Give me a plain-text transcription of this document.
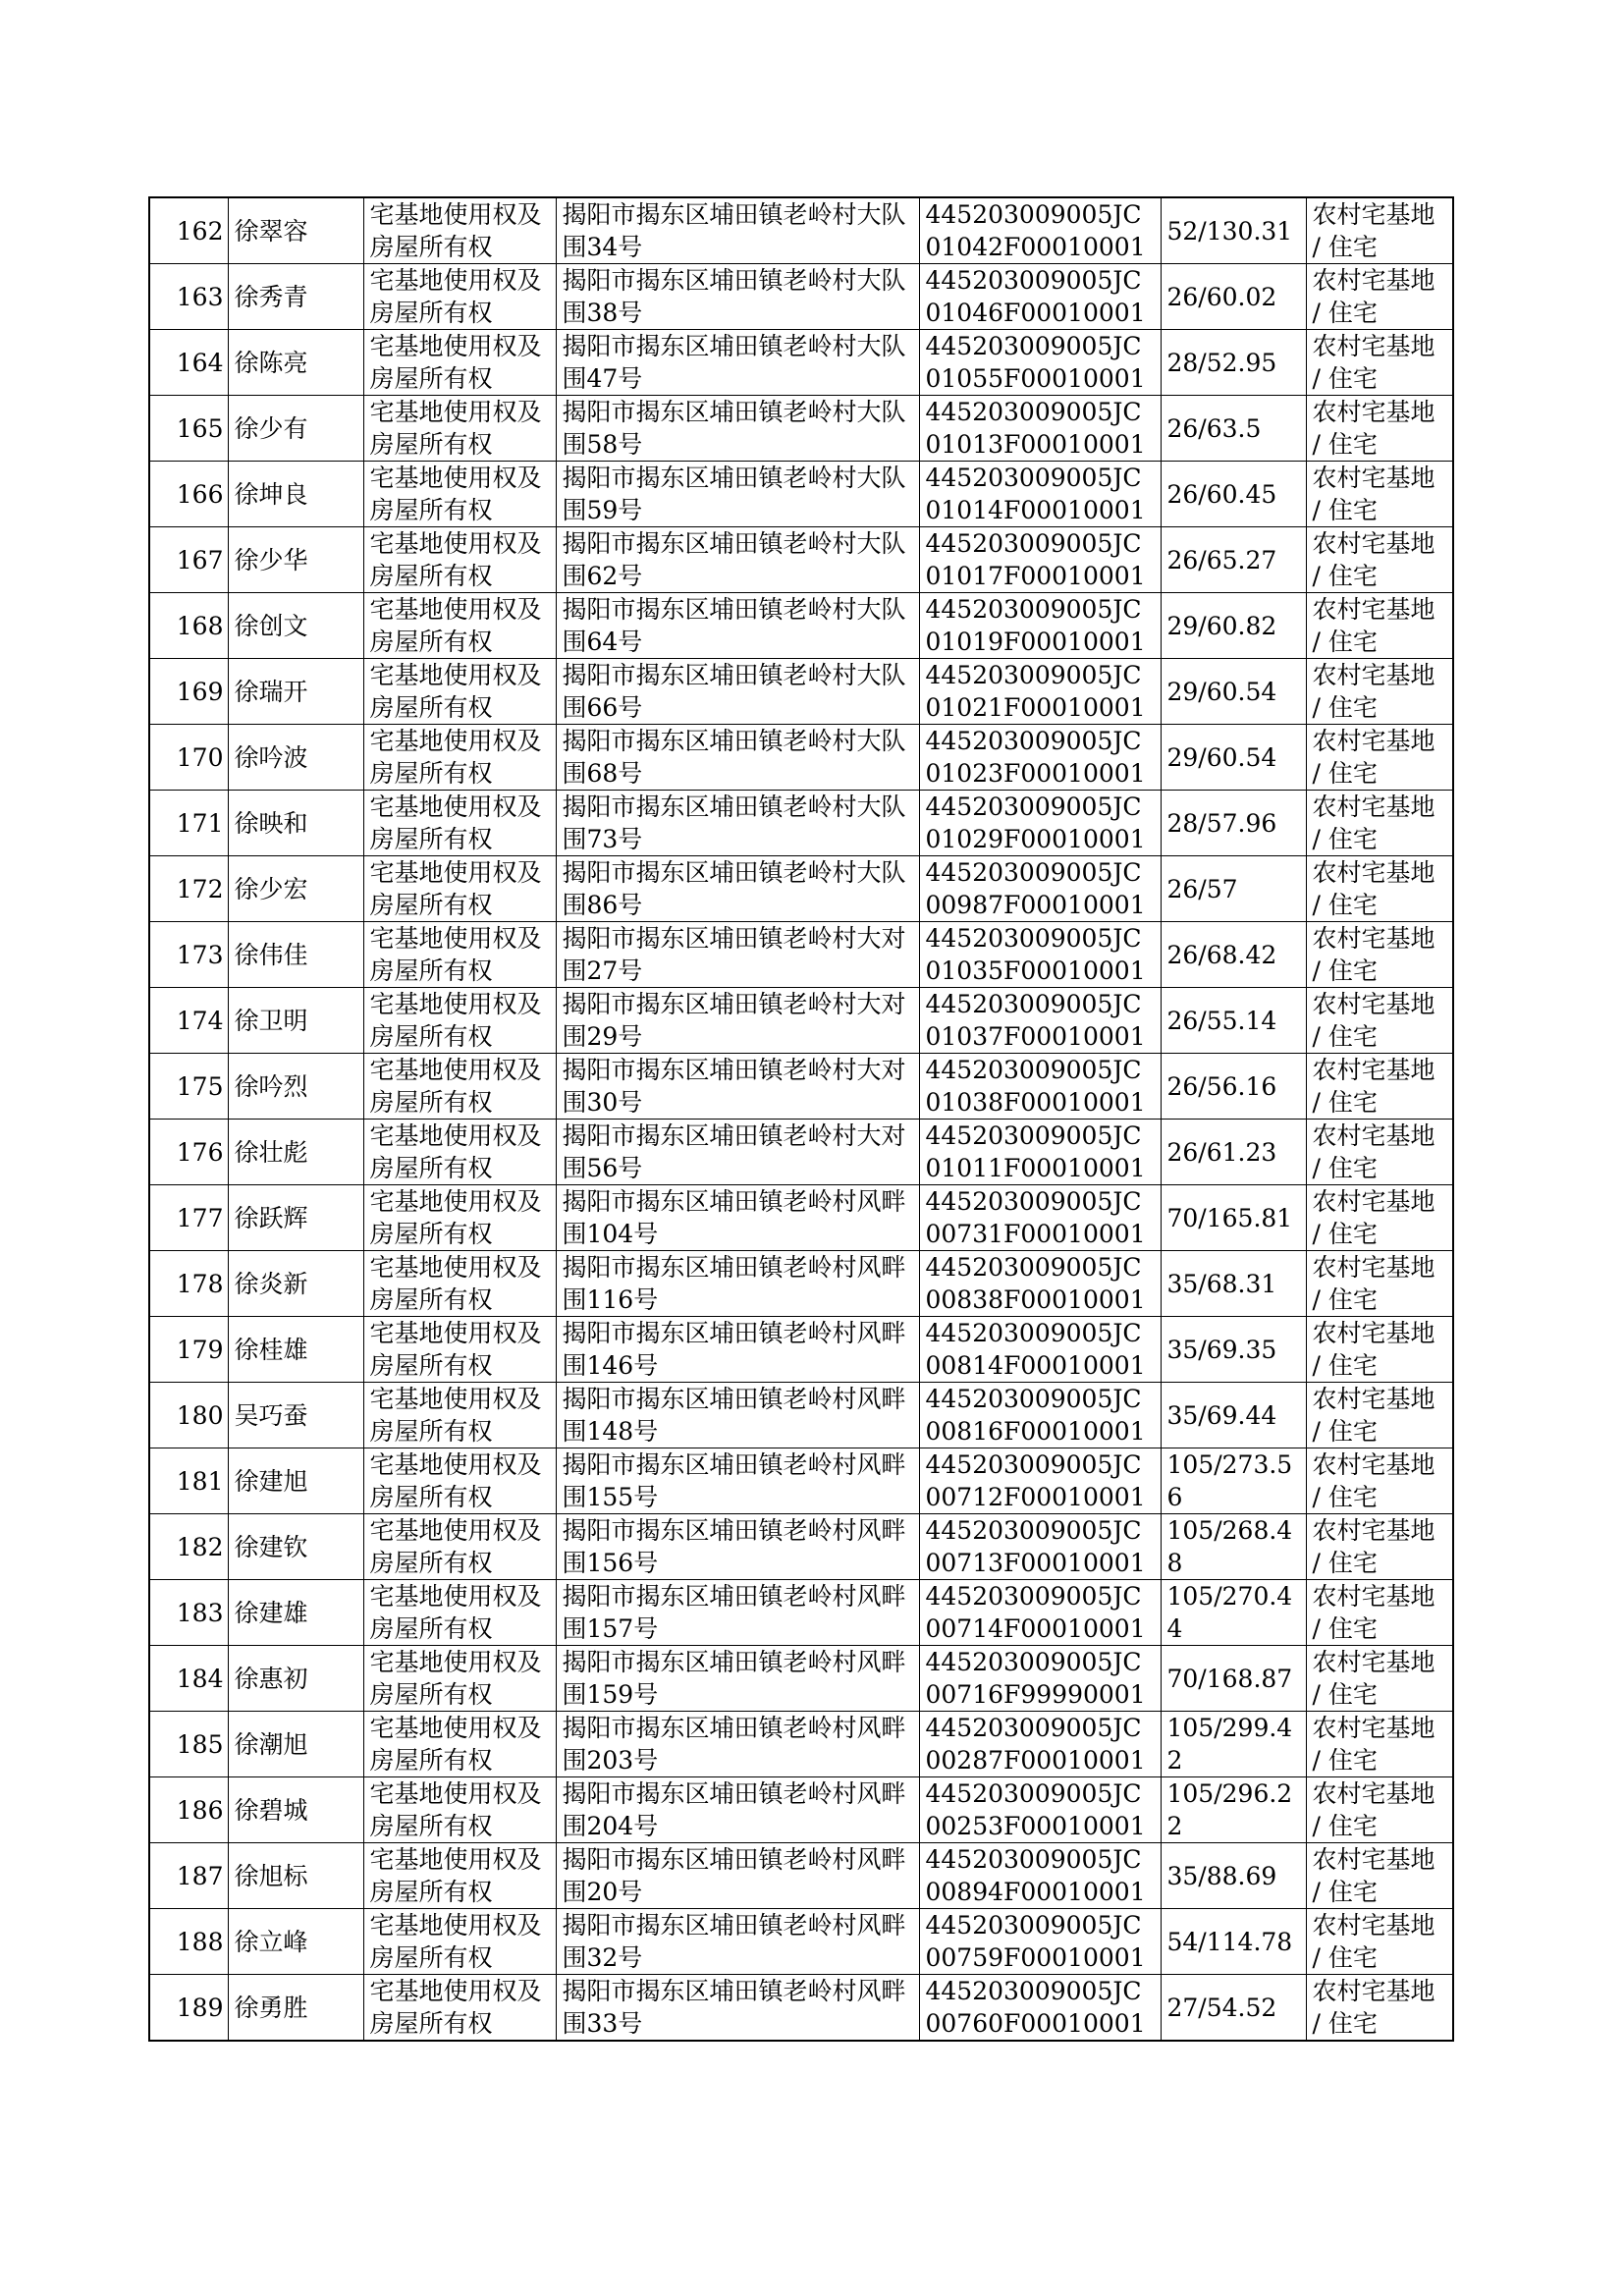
162	徐翠容	宅基地使用权及房屋所有权	揭阳市揭东区埔田镇老岭村大队围34号	445203009005JC01042F00010001	52/130.31	农村宅基地 / 住宅
163	徐秀青	宅基地使用权及房屋所有权	揭阳市揭东区埔田镇老岭村大队围38号	445203009005JC01046F00010001	26/60.02	农村宅基地 / 住宅
164	徐陈亮	宅基地使用权及房屋所有权	揭阳市揭东区埔田镇老岭村大队围47号	445203009005JC01055F00010001	28/52.95	农村宅基地 / 住宅
165	徐少有	宅基地使用权及房屋所有权	揭阳市揭东区埔田镇老岭村大队围58号	445203009005JC01013F00010001	26/63.5	农村宅基地 / 住宅
166	徐坤良	宅基地使用权及房屋所有权	揭阳市揭东区埔田镇老岭村大队围59号	445203009005JC01014F00010001	26/60.45	农村宅基地 / 住宅
167	徐少华	宅基地使用权及房屋所有权	揭阳市揭东区埔田镇老岭村大队围62号	445203009005JC01017F00010001	26/65.27	农村宅基地 / 住宅
168	徐创文	宅基地使用权及房屋所有权	揭阳市揭东区埔田镇老岭村大队围64号	445203009005JC01019F00010001	29/60.82	农村宅基地 / 住宅
169	徐瑞开	宅基地使用权及房屋所有权	揭阳市揭东区埔田镇老岭村大队围66号	445203009005JC01021F00010001	29/60.54	农村宅基地 / 住宅
170	徐吟波	宅基地使用权及房屋所有权	揭阳市揭东区埔田镇老岭村大队围68号	445203009005JC01023F00010001	29/60.54	农村宅基地 / 住宅
171	徐映和	宅基地使用权及房屋所有权	揭阳市揭东区埔田镇老岭村大队围73号	445203009005JC01029F00010001	28/57.96	农村宅基地 / 住宅
172	徐少宏	宅基地使用权及房屋所有权	揭阳市揭东区埔田镇老岭村大队围86号	445203009005JC00987F00010001	26/57	农村宅基地 / 住宅
173	徐伟佳	宅基地使用权及房屋所有权	揭阳市揭东区埔田镇老岭村大对围27号	445203009005JC01035F00010001	26/68.42	农村宅基地 / 住宅
174	徐卫明	宅基地使用权及房屋所有权	揭阳市揭东区埔田镇老岭村大对围29号	445203009005JC01037F00010001	26/55.14	农村宅基地 / 住宅
175	徐吟烈	宅基地使用权及房屋所有权	揭阳市揭东区埔田镇老岭村大对围30号	445203009005JC01038F00010001	26/56.16	农村宅基地 / 住宅
176	徐壮彪	宅基地使用权及房屋所有权	揭阳市揭东区埔田镇老岭村大对围56号	445203009005JC01011F00010001	26/61.23	农村宅基地 / 住宅
177	徐跃辉	宅基地使用权及房屋所有权	揭阳市揭东区埔田镇老岭村风畔围104号	445203009005JC00731F00010001	70/165.81	农村宅基地 / 住宅
178	徐炎新	宅基地使用权及房屋所有权	揭阳市揭东区埔田镇老岭村风畔围116号	445203009005JC00838F00010001	35/68.31	农村宅基地 / 住宅
179	徐桂雄	宅基地使用权及房屋所有权	揭阳市揭东区埔田镇老岭村风畔围146号	445203009005JC00814F00010001	35/69.35	农村宅基地 / 住宅
180	吴巧蚕	宅基地使用权及房屋所有权	揭阳市揭东区埔田镇老岭村风畔围148号	445203009005JC00816F00010001	35/69.44	农村宅基地 / 住宅
181	徐建旭	宅基地使用权及房屋所有权	揭阳市揭东区埔田镇老岭村风畔围155号	445203009005JC00712F00010001	105/273.56	农村宅基地 / 住宅
182	徐建钦	宅基地使用权及房屋所有权	揭阳市揭东区埔田镇老岭村风畔围156号	445203009005JC00713F00010001	105/268.48	农村宅基地 / 住宅
183	徐建雄	宅基地使用权及房屋所有权	揭阳市揭东区埔田镇老岭村风畔围157号	445203009005JC00714F00010001	105/270.44	农村宅基地 / 住宅
184	徐惠初	宅基地使用权及房屋所有权	揭阳市揭东区埔田镇老岭村风畔围159号	445203009005JC00716F99990001	70/168.87	农村宅基地 / 住宅
185	徐潮旭	宅基地使用权及房屋所有权	揭阳市揭东区埔田镇老岭村风畔围203号	445203009005JC00287F00010001	105/299.42	农村宅基地 / 住宅
186	徐碧城	宅基地使用权及房屋所有权	揭阳市揭东区埔田镇老岭村风畔围204号	445203009005JC00253F00010001	105/296.22	农村宅基地 / 住宅
187	徐旭标	宅基地使用权及房屋所有权	揭阳市揭东区埔田镇老岭村风畔围20号	445203009005JC00894F00010001	35/88.69	农村宅基地 / 住宅
188	徐立峰	宅基地使用权及房屋所有权	揭阳市揭东区埔田镇老岭村风畔围32号	445203009005JC00759F00010001	54/114.78	农村宅基地 / 住宅
189	徐勇胜	宅基地使用权及房屋所有权	揭阳市揭东区埔田镇老岭村风畔围33号	445203009005JC00760F00010001	27/54.52	农村宅基地 / 住宅
